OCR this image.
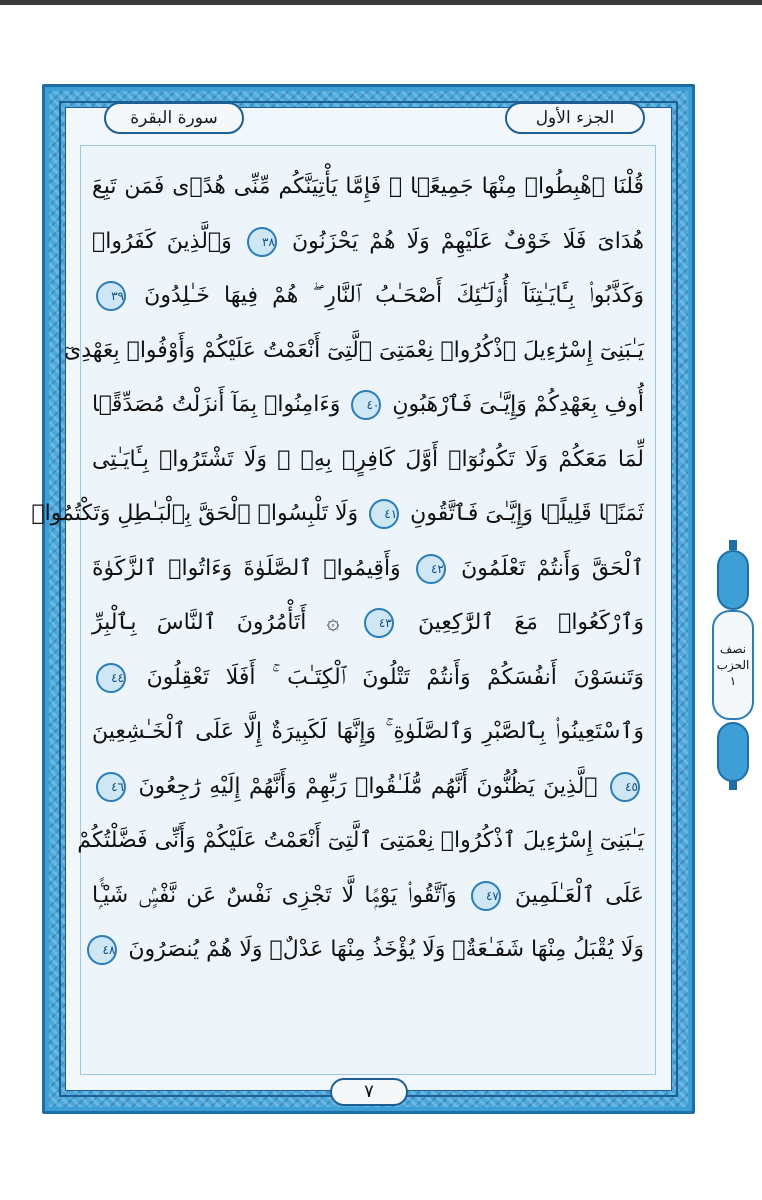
الجزء الأول
سورة البقرة
قُلْنَا ٱهْبِطُوا۟ مِنْهَا جَمِيعًۭا ۖ فَإِمَّا يَأْتِيَنَّكُم مِّنِّى هُدًۭى فَمَن تَبِعَ
هُدَاىَ فَلَا خَوْفٌ عَلَيْهِمْ وَلَا هُمْ يَحْزَنُونَ ٣٨ وَٱلَّذِينَ كَفَرُوا۟
وَكَذَّبُوا۟ بِـَٔايَـٰتِنَآ أُو۟لَـٰٓئِكَ أَصْحَـٰبُ ٱلنَّارِ ۖ هُمْ فِيهَا خَـٰلِدُونَ ٣٩
يَـٰبَنِىٓ إِسْرَٰٓءِيلَ ٱذْكُرُوا۟ نِعْمَتِىَ ٱلَّتِىٓ أَنْعَمْتُ عَلَيْكُمْ وَأَوْفُوا۟ بِعَهْدِىٓ
أُوفِ بِعَهْدِكُمْ وَإِيَّـٰىَ فَٱرْهَبُونِ ٤٠ وَءَامِنُوا۟ بِمَآ أَنزَلْتُ مُصَدِّقًۭا
لِّمَا مَعَكُمْ وَلَا تَكُونُوٓا۟ أَوَّلَ كَافِرٍۭ بِهِۦ ۖ وَلَا تَشْتَرُوا۟ بِـَٔايَـٰتِى
ثَمَنًۭا قَلِيلًۭا وَإِيَّـٰىَ فَٱتَّقُونِ ٤١ وَلَا تَلْبِسُوا۟ ٱلْحَقَّ بِٱلْبَـٰطِلِ وَتَكْتُمُوا۟
ٱلْحَقَّ وَأَنتُمْ تَعْلَمُونَ ٤٢ وَأَقِيمُوا۟ ٱلصَّلَوٰةَ وَءَاتُوا۟ ٱلزَّكَوٰةَ
وَٱرْكَعُوا۟ مَعَ ٱلرَّٰكِعِينَ ٤٣ ۞ أَتَأْمُرُونَ ٱلنَّاسَ بِٱلْبِرِّ
وَتَنسَوْنَ أَنفُسَكُمْ وَأَنتُمْ تَتْلُونَ ٱلْكِتَـٰبَ ۚ أَفَلَا تَعْقِلُونَ ٤٤
وَٱسْتَعِينُوا۟ بِٱلصَّبْرِ وَٱلصَّلَوٰةِ ۚ وَإِنَّهَا لَكَبِيرَةٌ إِلَّا عَلَى ٱلْخَـٰشِعِينَ
٤٥ ٱلَّذِينَ يَظُنُّونَ أَنَّهُم مُّلَـٰقُوا۟ رَبِّهِمْ وَأَنَّهُمْ إِلَيْهِ رَٰجِعُونَ ٤٦
يَـٰبَنِىٓ إِسْرَٰٓءِيلَ ٱذْكُرُوا۟ نِعْمَتِىَ ٱلَّتِىٓ أَنْعَمْتُ عَلَيْكُمْ وَأَنِّى فَضَّلْتُكُمْ
عَلَى ٱلْعَـٰلَمِينَ ٤٧ وَٱتَّقُوا۟ يَوْمًۭا لَّا تَجْزِى نَفْسٌ عَن نَّفْسٍۢ شَيْـًۭٔا
وَلَا يُقْبَلُ مِنْهَا شَفَـٰعَةٌۭ وَلَا يُؤْخَذُ مِنْهَا عَدْلٌۭ وَلَا هُمْ يُنصَرُونَ ٤٨
٧
نصف
الحزب
١
